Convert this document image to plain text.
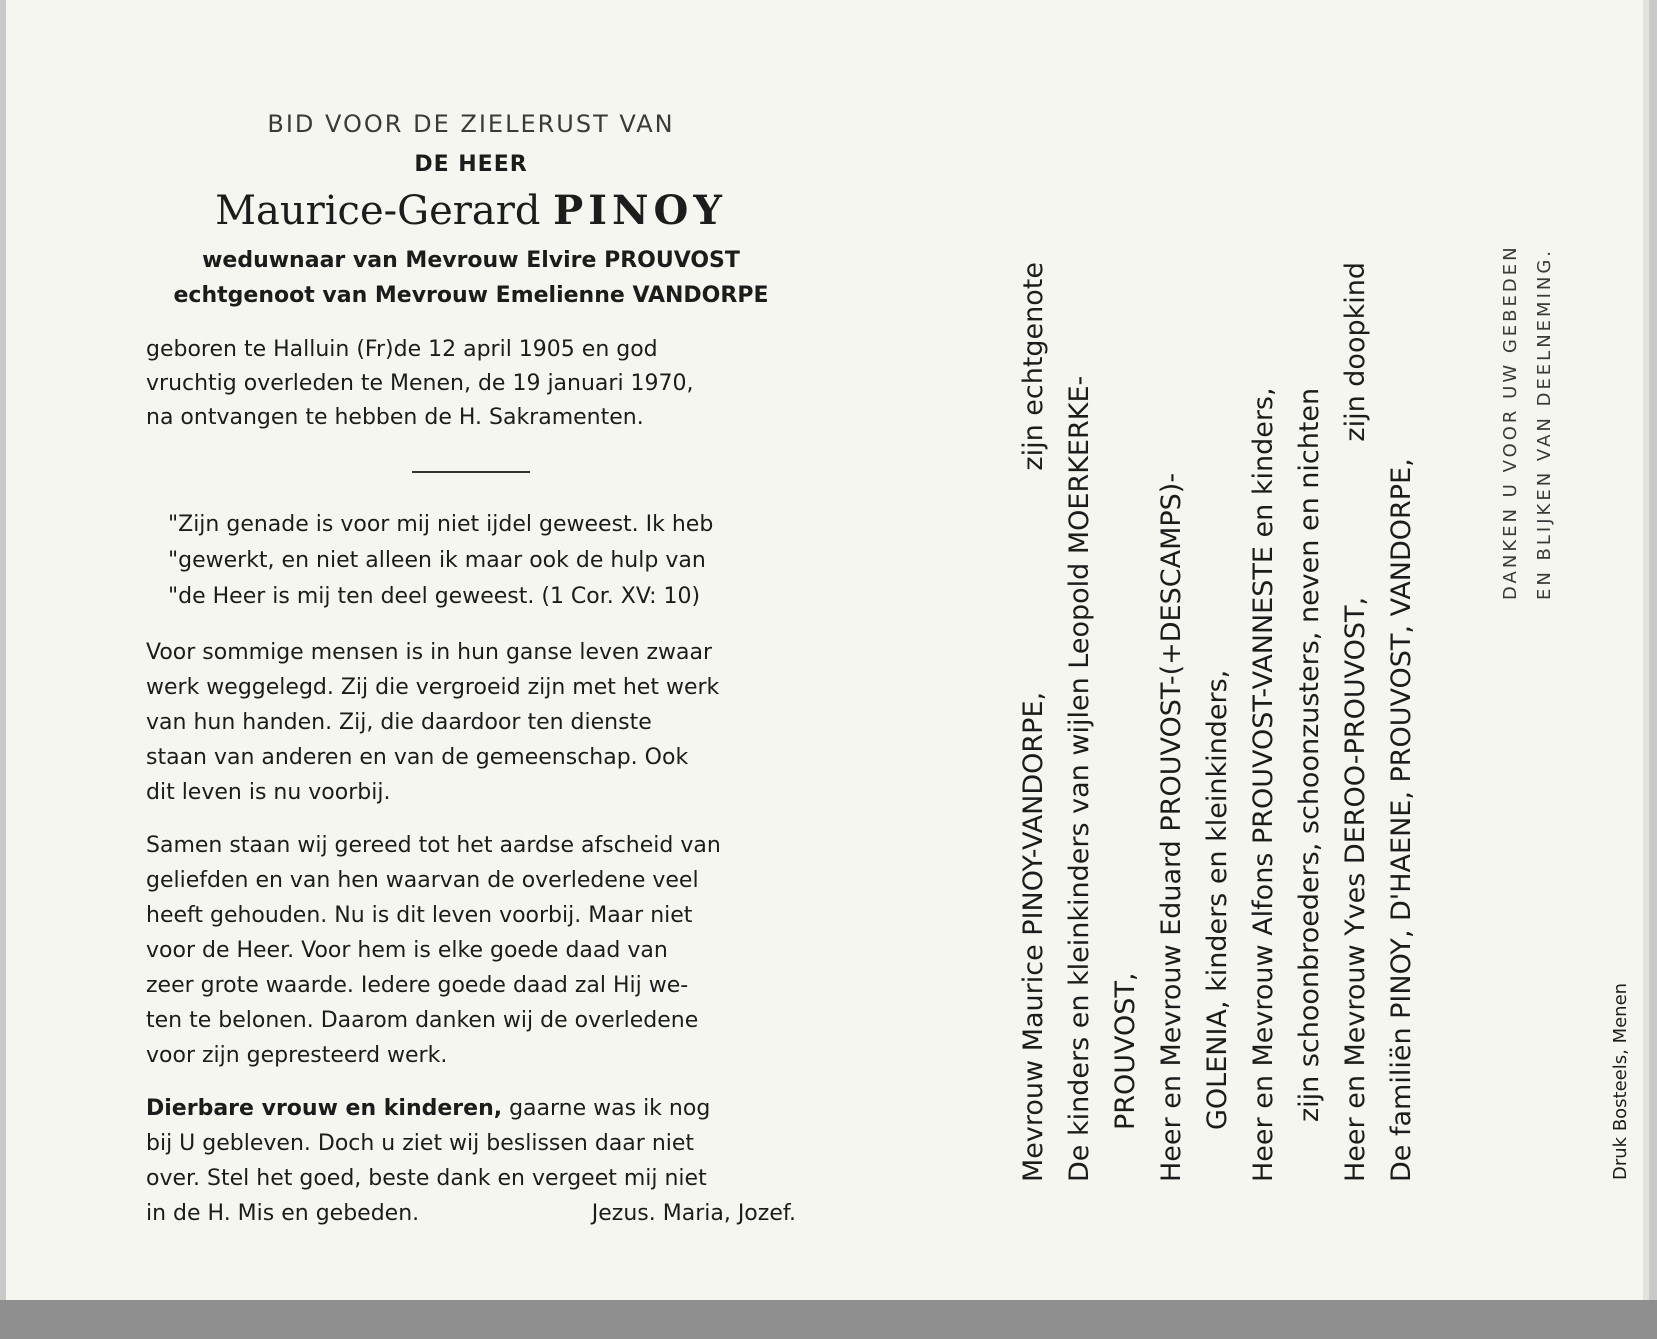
BID VOOR DE ZIELERUST VAN

DE HEER
Maurice-Gerard PINOY
weduwnaar van Mevrouw Elvire PROUVOST
echtgenoot van Mevrouw Emelienne VANDORPE
geboren te Halluin (Fr)de 12 april 1905 en god
vruchtig overleden te Menen, de 19 januari 1970,
na ontvangen te hebben de H. Sakramenten.
"Zijn genade is voor mij niet ijdel geweest. Ik heb
"gewerkt, en niet alleen ik maar ook de hulp van
"de Heer is mij ten deel geweest. (1 Cor. XV: 10)
Voor sommige mensen is in hun ganse leven zwaar
werk weggelegd. Zij die vergroeid zijn met het werk
van hun handen. Zij, die daardoor ten dienste
staan van anderen en van de gemeenschap. Ook
dit leven is nu voorbij.
Samen staan wij gereed tot het aardse afscheid van
geliefden en van hen waarvan de overledene veel
heeft gehouden. Nu is dit leven voorbij. Maar niet
voor de Heer. Voor hem is elke goede daad van
zeer grote waarde. Iedere goede daad zal Hij we-
ten te belonen. Daarom danken wij de overledene
voor zijn gepresteerd werk.
Dierbare vrouw en kinderen, gaarne was ik nog
bij U gebleven. Doch u ziet wij beslissen daar niet
over. Stel het goed, beste dank en vergeet mij niet
in de H. Mis en gebeden.	Jezus. Maria, Jozef.
Mevrouw Maurice PINOY-VANDORPE,
zijn echtgenote
De kinders en kleinkinders van wijlen Leopold MOERKERKE- PROUVOST, Heer en Mevrouw Eduard PROUVOST-(+DESCAMPS)- GOLENIA, kinders en kleinkinders, Heer en Mevrouw Alfons PROUVOST-VANNESTE en kinders, zijn schoonbroeders, schoonzusters, neven en nichten Heer en Mevrouw Yves DEROO-PROUVOST,
zijn doopkind
De familiën PINOY, D'HAENE, PROUVOST, VANDORPE,
DANKEN U VOOR UW GEBEDEN EN BLIJKEN VAN DEELNEMING.
Druk Bosteels, Menen
